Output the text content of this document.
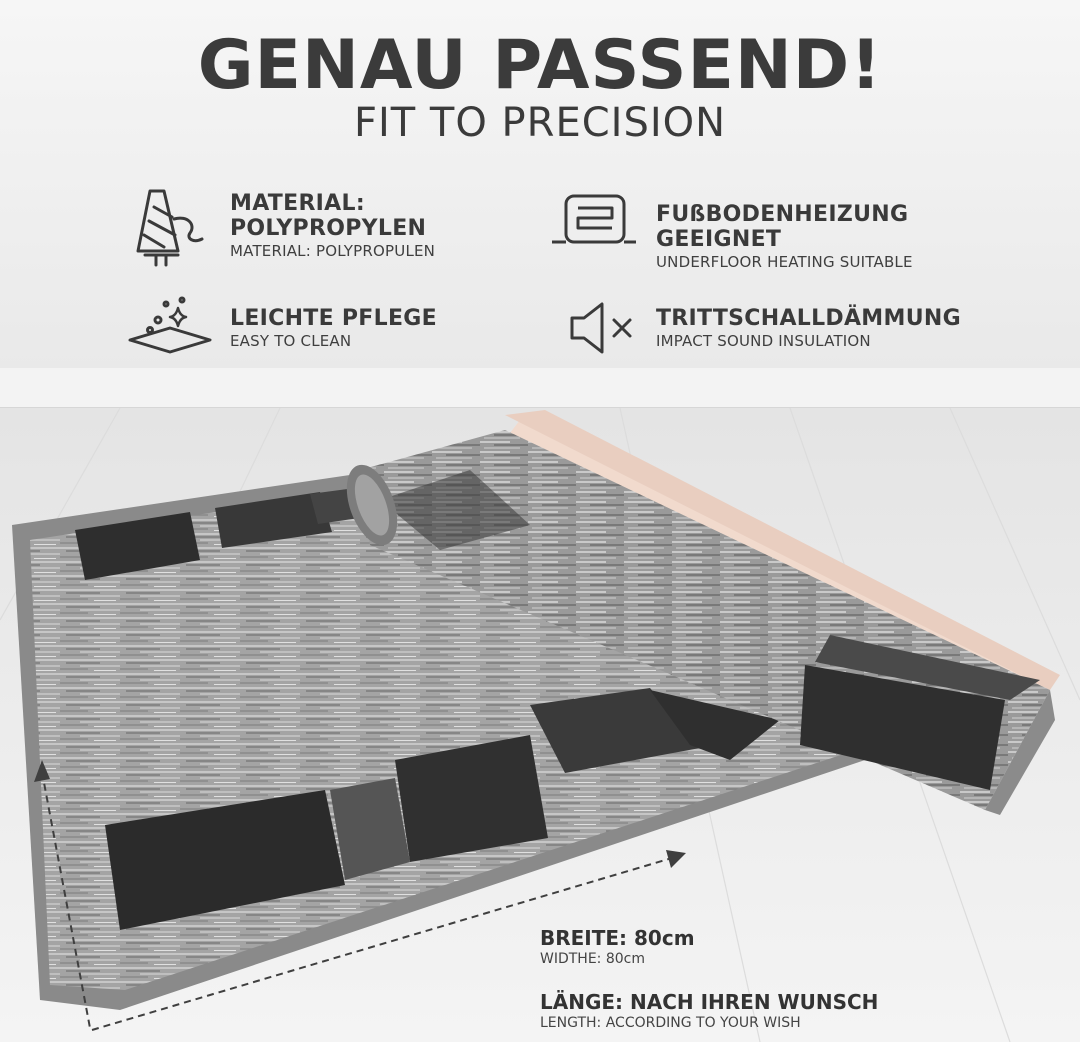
GENAU PASSEND!
FIT TO PRECISION
MATERIAL:
POLYPROPYLEN
MATERIAL: POLYPROPULEN
FUßBODENHEIZUNG
GEEIGNET
UNDERFLOOR HEATING SUITABLE
LEICHTE PFLEGE
EASY TO CLEAN
TRITTSCHALLDÄMMUNG
IMPACT SOUND INSULATION
BREITE: 80cm
WIDTHE: 80cm
LÄNGE: NACH IHREN WUNSCH
LENGTH: ACCORDING TO YOUR WISH
